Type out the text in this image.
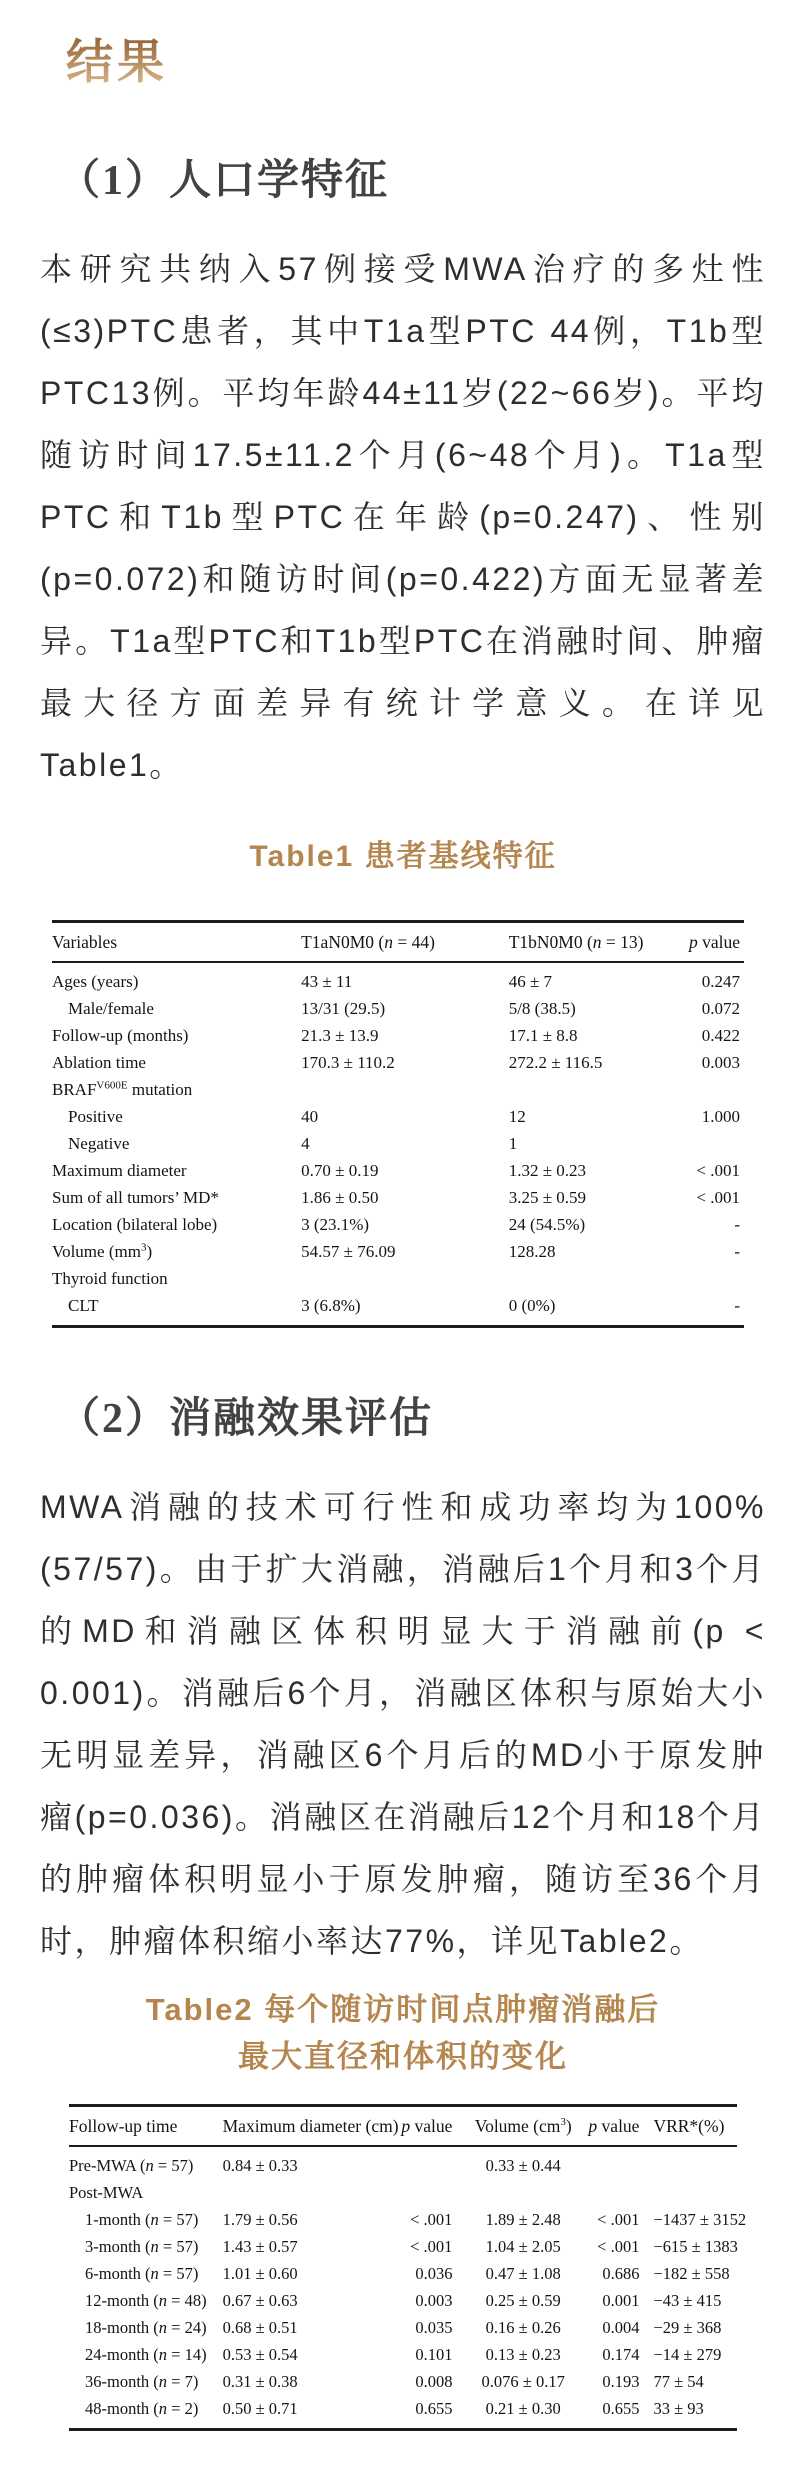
结果
（1）人口学特征

本研究共纳入57例接受MWA治疗的多灶性(≤3)PTC患者，其中T1a型PTC 44例，T1b型PTC13例。平均年龄44±11岁(22~66岁)。平均随访时间17.5±11.2个月(6~48个月)。T1a型PTC和T1b型PTC在年龄(p=0.247)、性别(p=0.072)和随访时间(p=0.422)方面无显著差异。T1a型PTC和T1b型PTC在消融时间、肿瘤最大径方面差异有统计学意义。在详见Table1。

Table1 患者基线特征
Variables	T1aN0M0 (n = 44)	T1bN0M0 (n = 13)	p value
Ages (years)	43 ± 11	46 ± 7	0.247
Male/female	13/31 (29.5)	5/8 (38.5)	0.072
Follow-up (months)	21.3 ± 13.9	17.1 ± 8.8	0.422
Ablation time	170.3 ± 110.2	272.2 ± 116.5	0.003
$BRAF^{V600E}$ mutation			
Positive	40	12	1.000
Negative	4	1	
Maximum diameter	0.70 ± 0.19	1.32 ± 0.23	< .001
Sum of all tumors’ MD*	1.86 ± 0.50	3.25 ± 0.59	< .001
Location (bilateral lobe)	3 (23.1%)	24 (54.5%)	-
Volume $(mm^3)$	54.57 ± 76.09	128.28	-
Thyroid function			
CLT	3 (6.8%)	0 (0%)	-
（2）消融效果评估

MWA消融的技术可行性和成功率均为100%(57/57)。由于扩大消融，消融后1个月和3个月的MD和消融区体积明显大于消融前(p < 0.001)。消融后6个月，消融区体积与原始大小无明显差异，消融区6个月后的MD小于原发肿瘤(p=0.036)。消融区在消融后12个月和18个月的肿瘤体积明显小于原发肿瘤，随访至36个月时，肿瘤体积缩小率达77%，详见Table2。

Table2 每个随访时间点肿瘤消融后
最大直径和体积的变化
Follow-up time	Maximum diameter (cm)	p value	Volume $(cm^3)$	p value	VRR*(%)
Pre-MWA (n = 57)	0.84 ± 0.33		0.33 ± 0.44		
Post-MWA					
1-month (n = 57)	1.79 ± 0.56	< .001	1.89 ± 2.48	< .001	−1437 ± 3152
3-month (n = 57)	1.43 ± 0.57	< .001	1.04 ± 2.05	< .001	−615 ± 1383
6-month (n = 57)	1.01 ± 0.60	0.036	0.47 ± 1.08	0.686	−182 ± 558
12-month (n = 48)	0.67 ± 0.63	0.003	0.25 ± 0.59	0.001	−43 ± 415
18-month (n = 24)	0.68 ± 0.51	0.035	0.16 ± 0.26	0.004	−29 ± 368
24-month (n = 14)	0.53 ± 0.54	0.101	0.13 ± 0.23	0.174	−14 ± 279
36-month (n = 7)	0.31 ± 0.38	0.008	0.076 ± 0.17	0.193	77 ± 54
48-month (n = 2)	0.50 ± 0.71	0.655	0.21 ± 0.30	0.655	33 ± 93
